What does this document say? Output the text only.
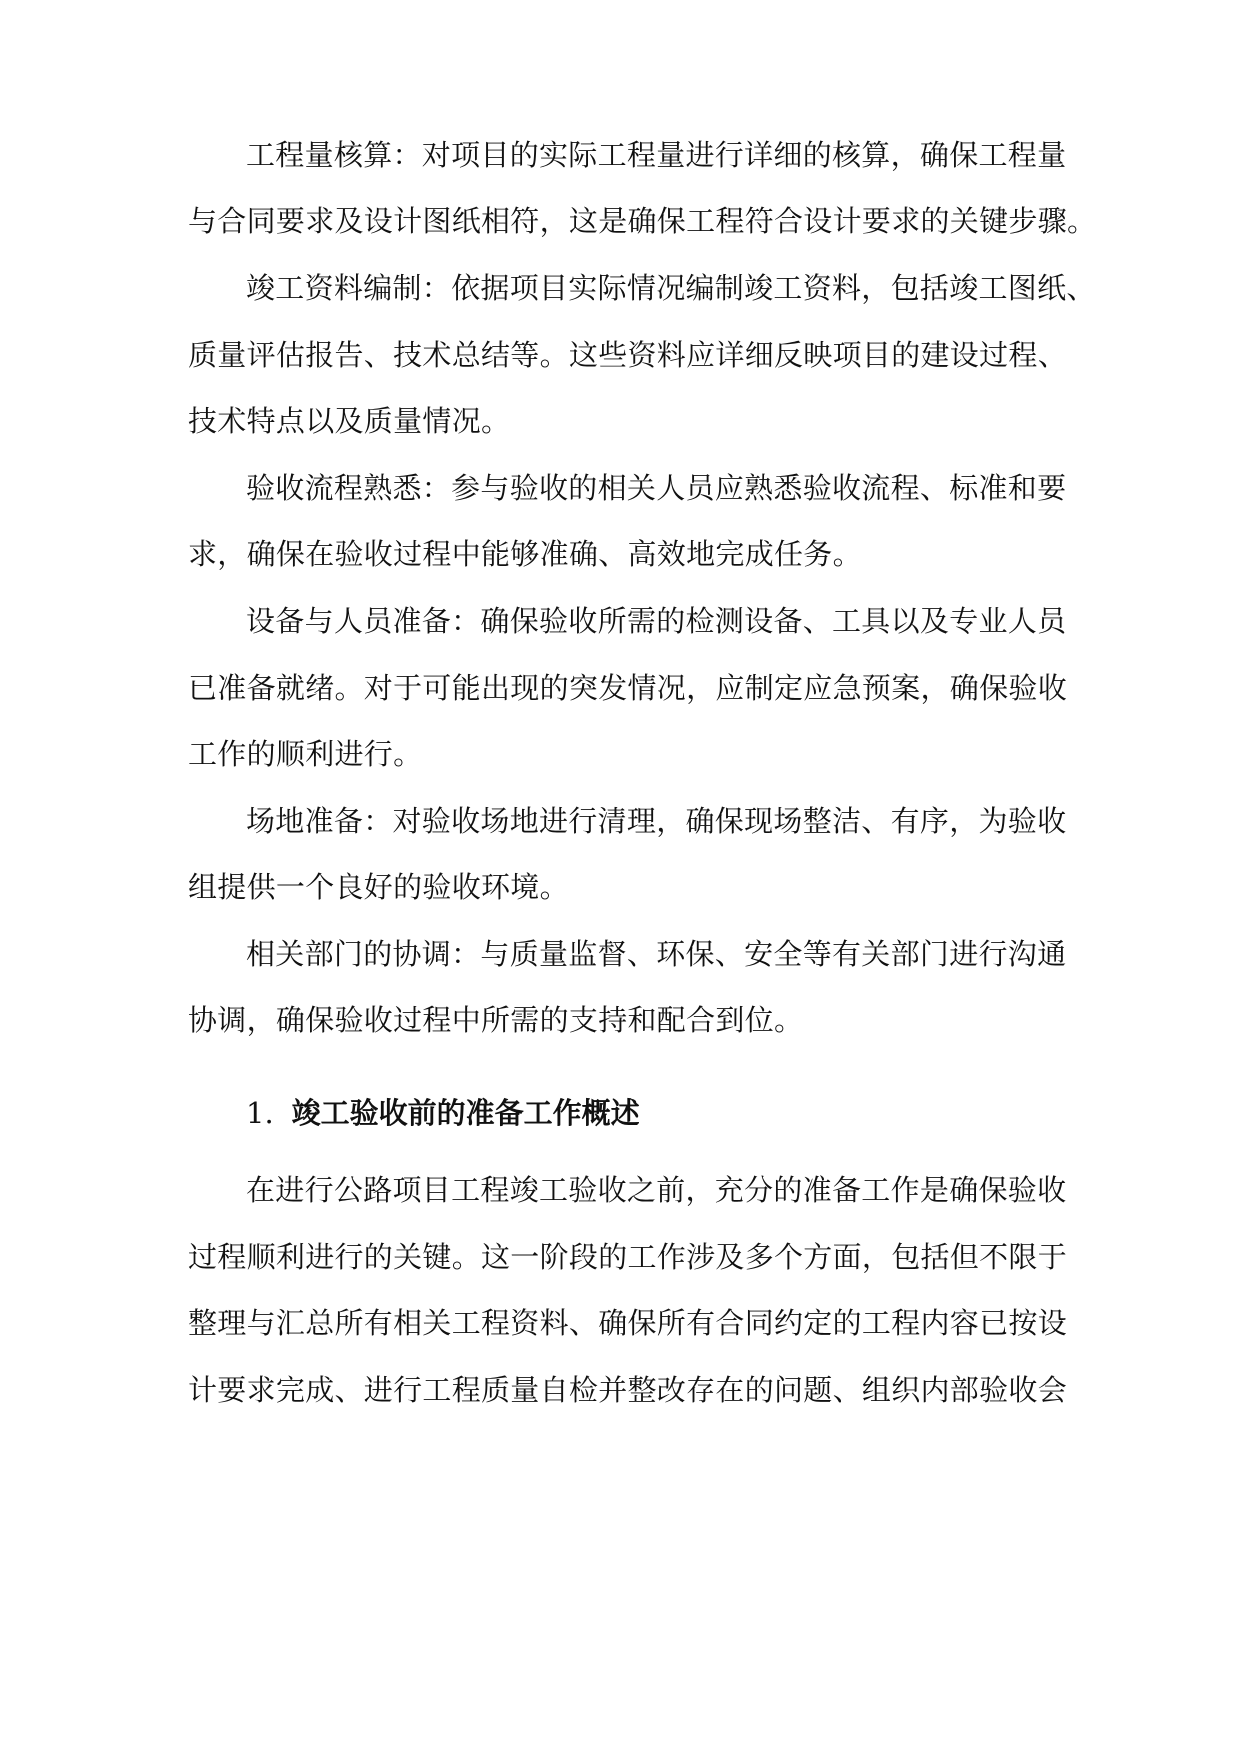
工程量核算：对项目的实际工程量进行详细的核算，确保工程量
与合同要求及设计图纸相符，这是确保工程符合设计要求的关键步骤。
竣工资料编制：依据项目实际情况编制竣工资料，包括竣工图纸、
质量评估报告、技术总结等。这些资料应详细反映项目的建设过程、
技术特点以及质量情况。
验收流程熟悉：参与验收的相关人员应熟悉验收流程、标准和要
求，确保在验收过程中能够准确、高效地完成任务。
设备与人员准备：确保验收所需的检测设备、工具以及专业人员
已准备就绪。对于可能出现的突发情况，应制定应急预案，确保验收
工作的顺利进行。
场地准备：对验收场地进行清理，确保现场整洁、有序，为验收
组提供一个良好的验收环境。
相关部门的协调：与质量监督、环保、安全等有关部门进行沟通
协调，确保验收过程中所需的支持和配合到位。
1. 竣工验收前的准备工作概述
在进行公路项目工程竣工验收之前，充分的准备工作是确保验收
过程顺利进行的关键。这一阶段的工作涉及多个方面，包括但不限于
整理与汇总所有相关工程资料、确保所有合同约定的工程内容已按设
计要求完成、进行工程质量自检并整改存在的问题、组织内部验收会
